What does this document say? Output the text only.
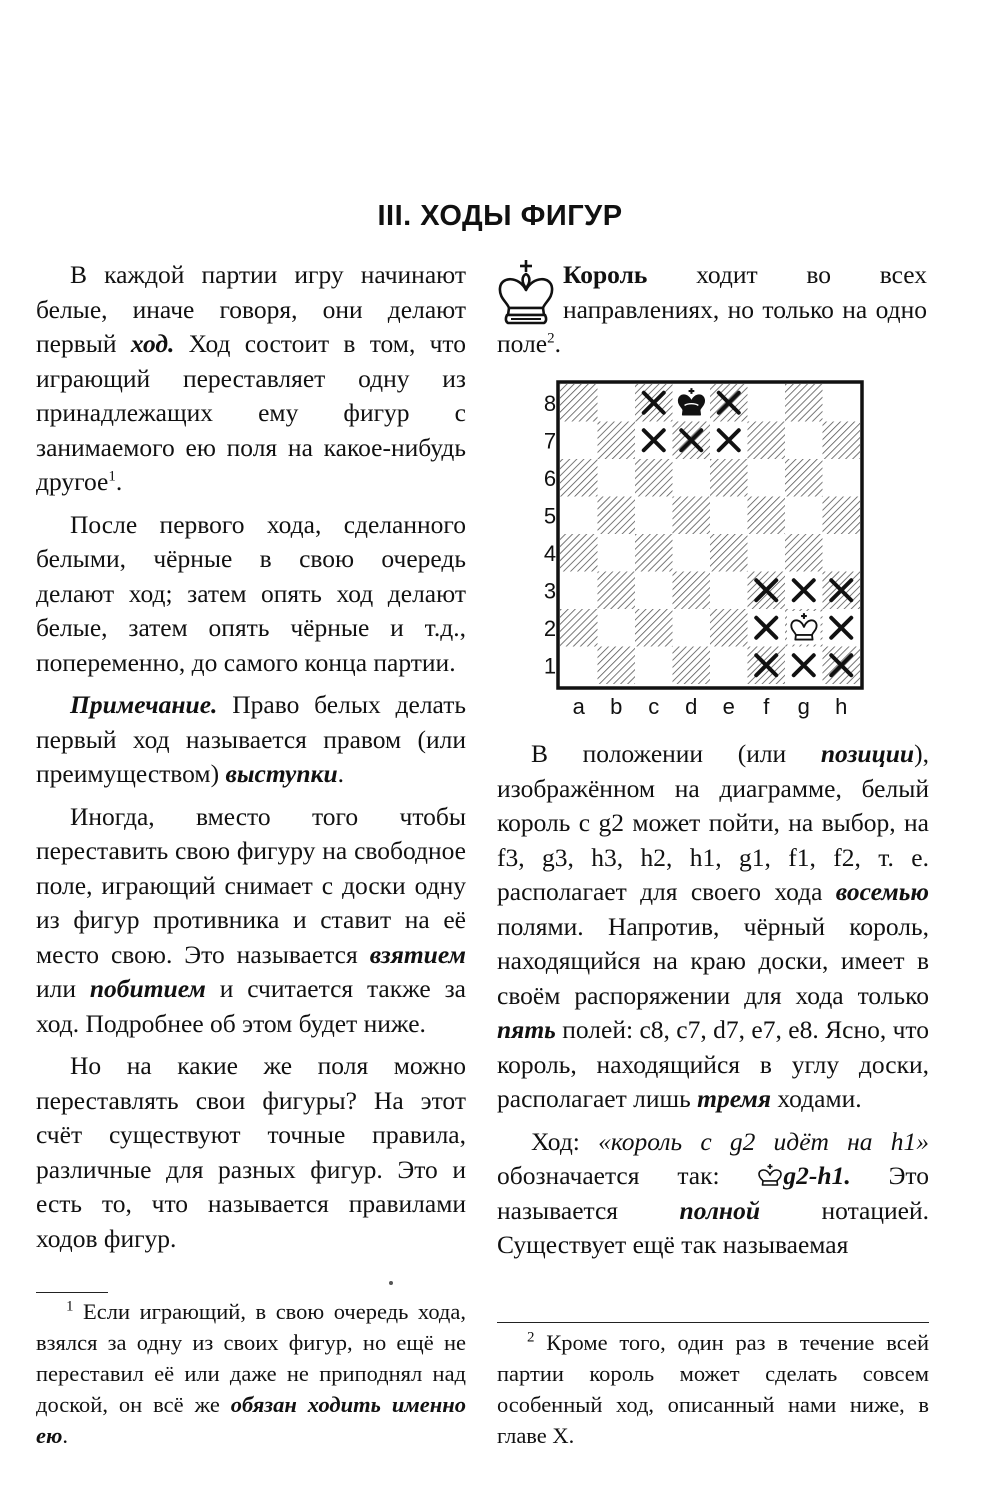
III. ХОДЫ ФИГУР

В каждой партии игру начинают белые, иначе говоря, они делают первый ход. Ход состоит в том, что играющий переставляет одну из принадлежащих ему фигур с занимаемого ею поля на какое-нибудь другое$^1$.

После первого хода, сделанного белыми, чёрные в свою очередь делают ход; затем опять ход делают белые, затем опять чёрные и т.д., попеременно, до самого конца партии.

Примечание. Право белых делать первый ход называется правом (или преимуществом) выступки.

Иногда, вместо того чтобы переставить свою фигуру на свободное поле, играющий снимает с доски одну из фигур противника и ставит на её место свою. Это называется взятием или побитием и считается также за ход. Подробнее об этом будет ниже.

Но на какие же поля можно переставлять свои фигуры? На этот счёт существуют точные правила, различные для разных фигур. Это и есть то, что называется правилами ходов фигур.

$^1$ Если играющий, в свою очередь хода, взялся за одну из своих фигур, но ещё не переставил её или даже не приподнял над доской, он всё же обязан ходить именно ею.

Король ходит во всех направлениях, но только на одно поле$^2$.

8
7
6
5
4
3
2
1
a b c d e f g h

В положении (или позиции), изображённом на диаграмме, белый король с g2 может пойти, на выбор, на f3, g3, h3, h2, h1, g1, f1, f2, т. е. располагает для своего хода восемью полями. Напротив, чёрный король, находящийся на краю доски, имеет в своём распоряжении для хода только пять полей: c8, c7, d7, e7, e8. Ясно, что король, находящийся в углу доски, располагает лишь тремя ходами.

Ход: «король с g2 идёт на h1» обозначается так: g2-h1. Это называется полной нотацией. Существует ещё так называемая

$^2$ Кроме того, один раз в течение всей партии король может сделать совсем особенный ход, описанный нами ниже, в главе X.
